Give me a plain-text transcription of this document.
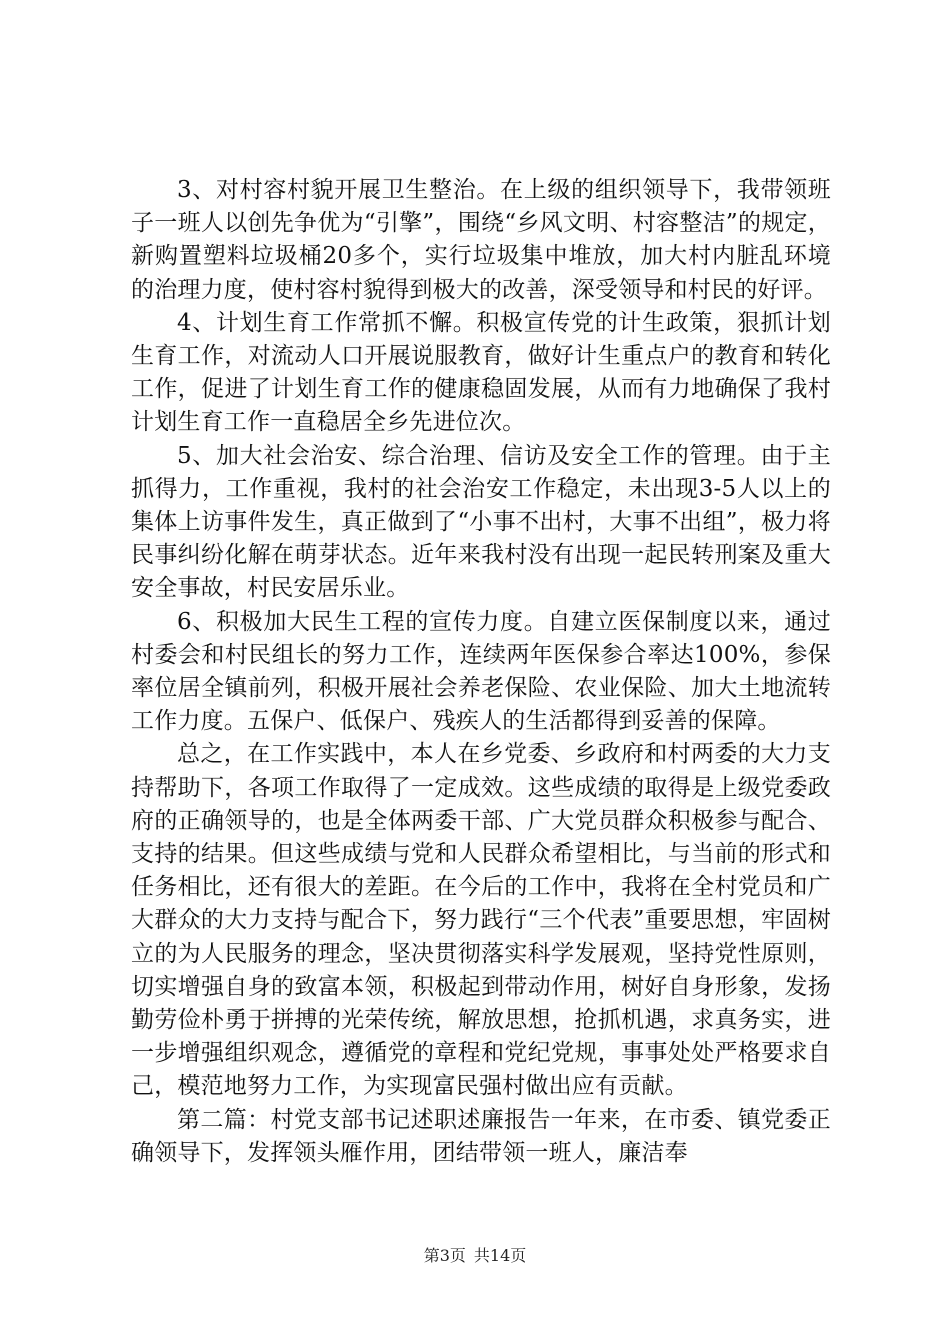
3、对村容村貌开展卫生整治。在上级的组织领导下，我带领班子一班人以创先争优为“引擎”，围绕“乡风文明、村容整洁”的规定，新购置塑料垃圾桶20多个，实行垃圾集中堆放，加大村内脏乱环境的治理力度，使村容村貌得到极大的改善，深受领导和村民的好评。

4、计划生育工作常抓不懈。积极宣传党的计生政策，狠抓计划生育工作，对流动人口开展说服教育，做好计生重点户的教育和转化工作，促进了计划生育工作的健康稳固发展，从而有力地确保了我村计划生育工作一直稳居全乡先进位次。

5、加大社会治安、综合治理、信访及安全工作的管理。由于主抓得力，工作重视，我村的社会治安工作稳定，未出现3-5人以上的集体上访事件发生，真正做到了“小事不出村，大事不出组”，极力将民事纠纷化解在萌芽状态。近年来我村没有出现一起民转刑案及重大安全事故，村民安居乐业。

6、积极加大民生工程的宣传力度。自建立医保制度以来，通过村委会和村民组长的努力工作，连续两年医保参合率达100%，参保率位居全镇前列，积极开展社会养老保险、农业保险、加大土地流转工作力度。五保户、低保户、残疾人的生活都得到妥善的保障。

总之，在工作实践中，本人在乡党委、乡政府和村两委的大力支持帮助下，各项工作取得了一定成效。这些成绩的取得是上级党委政府的正确领导的，也是全体两委干部、广大党员群众积极参与配合、支持的结果。但这些成绩与党和人民群众希望相比，与当前的形式和任务相比，还有很大的差距。在今后的工作中，我将在全村党员和广大群众的大力支持与配合下，努力践行“三个代表”重要思想，牢固树立的为人民服务的理念，坚决贯彻落实科学发展观，坚持党性原则，切实增强自身的致富本领，积极起到带动作用，树好自身形象，发扬勤劳俭朴勇于拼搏的光荣传统，解放思想，抢抓机遇，求真务实，进一步增强组织观念，遵循党的章程和党纪党规，事事处处严格要求自己，模范地努力工作，为实现富民强村做出应有贡献。

第二篇：村党支部书记述职述廉报告一年来，在市委、镇党委正确领导下，发挥领头雁作用，团结带领一班人，廉洁奉

第3页 共14页
